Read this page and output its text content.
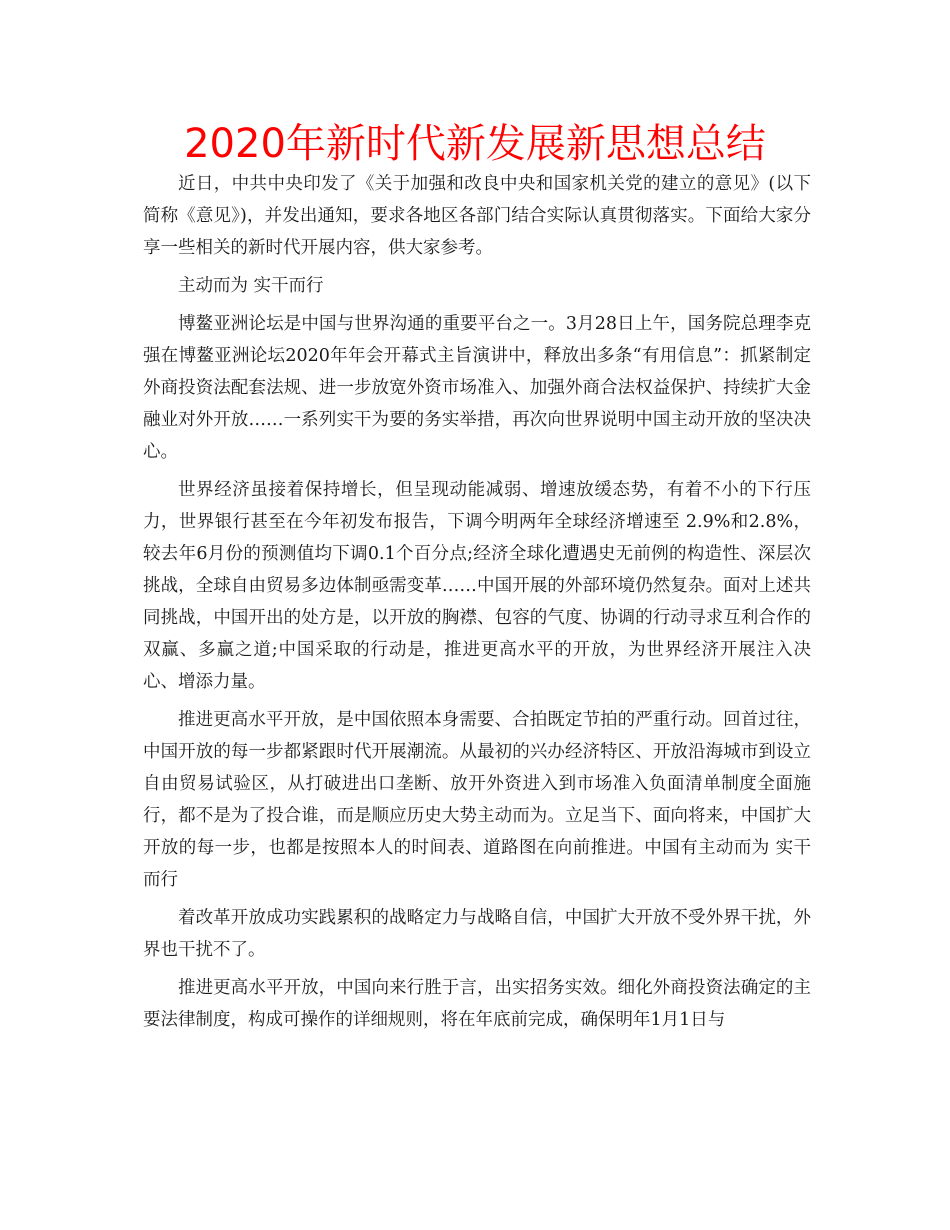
2020年新时代新发展新思想总结

近日，中共中央印发了《关于加强和改良中央和国家机关党的建立的意见》(以下简称《意见》)，并发出通知，要求各地区各部门结合实际认真贯彻落实。下面给大家分享一些相关的新时代开展内容，供大家参考。

主动而为 实干而行

博鳌亚洲论坛是中国与世界沟通的重要平台之一。3月28日上午，国务院总理李克强在博鳌亚洲论坛2020年年会开幕式主旨演讲中，释放出多条“有用信息”：抓紧制定外商投资法配套法规、进一步放宽外资市场准入、加强外商合法权益保护、持续扩大金融业对外开放……一系列实干为要的务实举措，再次向世界说明中国主动开放的坚决决心。

世界经济虽接着保持增长，但呈现动能减弱、增速放缓态势，有着不小的下行压力，世界银行甚至在今年初发布报告，下调今明两年全球经济增速至 2.9%和2.8%，较去年6月份的预测值均下调0.1个百分点;经济全球化遭遇史无前例的构造性、深层次挑战，全球自由贸易多边体制亟需变革……中国开展的外部环境仍然复杂。面对上述共同挑战，中国开出的处方是，以开放的胸襟、包容的气度、协调的行动寻求互利合作的双赢、多赢之道;中国采取的行动是，推进更高水平的开放，为世界经济开展注入决心、增添力量。

推进更高水平开放，是中国依照本身需要、合拍既定节拍的严重行动。回首过往，中国开放的每一步都紧跟时代开展潮流。从最初的兴办经济特区、开放沿海城市到设立自由贸易试验区，从打破进出口垄断、放开外资进入到市场准入负面清单制度全面施行，都不是为了投合谁，而是顺应历史大势主动而为。立足当下、面向将来，中国扩大开放的每一步，也都是按照本人的时间表、道路图在向前推进。中国有主动而为 实干而行

着改革开放成功实践累积的战略定力与战略自信，中国扩大开放不受外界干扰，外界也干扰不了。

推进更高水平开放，中国向来行胜于言，出实招务实效。细化外商投资法确定的主要法律制度，构成可操作的详细规则，将在年底前完成，确保明年1月1日与
